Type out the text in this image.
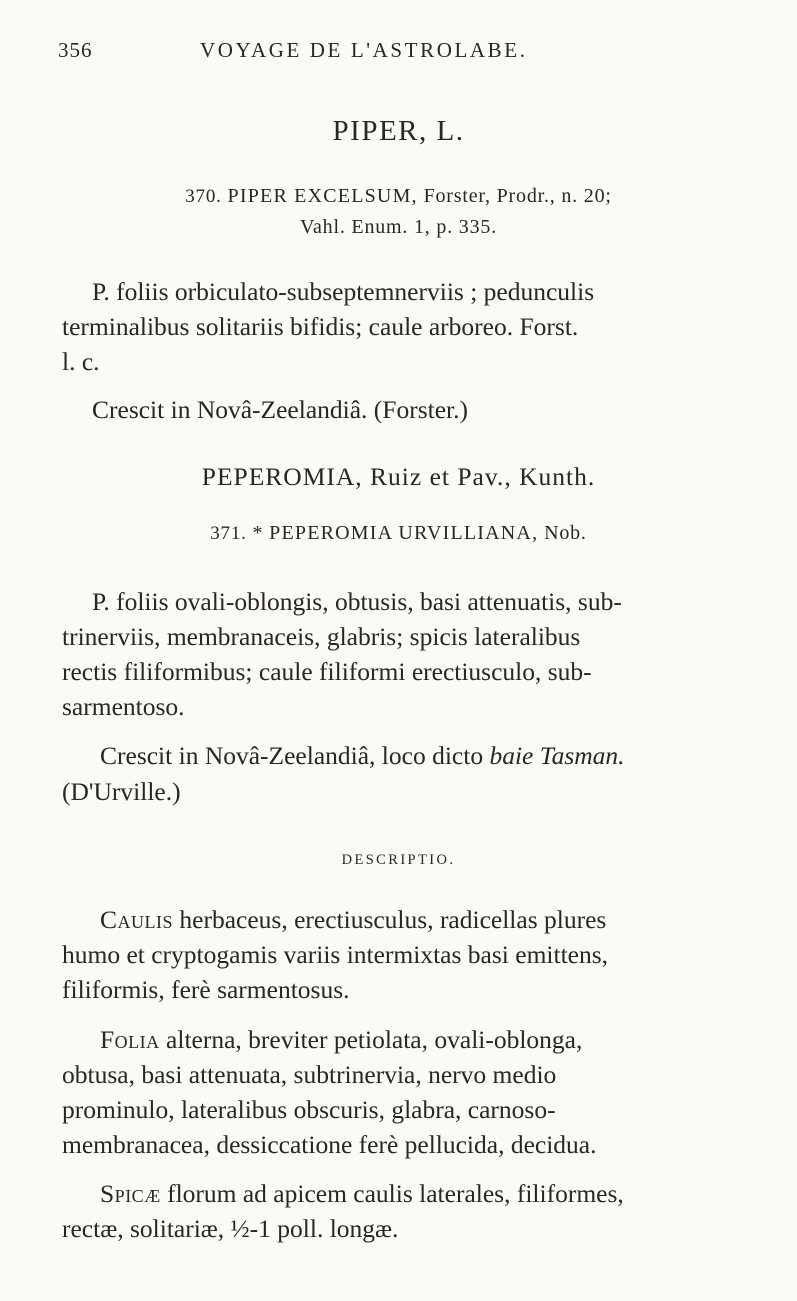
356	VOYAGE DE L'ASTROLABE.
PIPER, L.
370. PIPER EXCELSUM, Forster, Prodr., n. 20;
Vahl. Enum. 1, p. 335.
P. foliis orbiculato-subseptemnerviis ; pedunculis
terminalibus solitariis bifidis; caule arboreo. Forst.
l. c.
Crescit in Novâ-Zeelandiâ. (Forster.)
PEPEROMIA, Ruiz et Pav., Kunth.
371. * PEPEROMIA URVILLIANA, Nob.
P. foliis ovali-oblongis, obtusis, basi attenuatis, sub-
trinerviis, membranaceis, glabris; spicis lateralibus
rectis filiformibus; caule filiformi erectiusculo, sub-
sarmentoso.
Crescit in Novâ-Zeelandiâ, loco dicto baie Tasman.
(D'Urville.)
DESCRIPTIO.
Caulis herbaceus, erectiusculus, radicellas plures
humo et cryptogamis variis intermixtas basi emittens,
filiformis, ferè sarmentosus.
Folia alterna, breviter petiolata, ovali-oblonga,
obtusa, basi attenuata, subtrinervia, nervo medio
prominulo, lateralibus obscuris, glabra, carnoso-
membranacea, dessiccatione ferè pellucida, decidua.
Spicæ florum ad apicem caulis laterales, filiformes,
rectæ, solitariæ, ½-1 poll. longæ.
